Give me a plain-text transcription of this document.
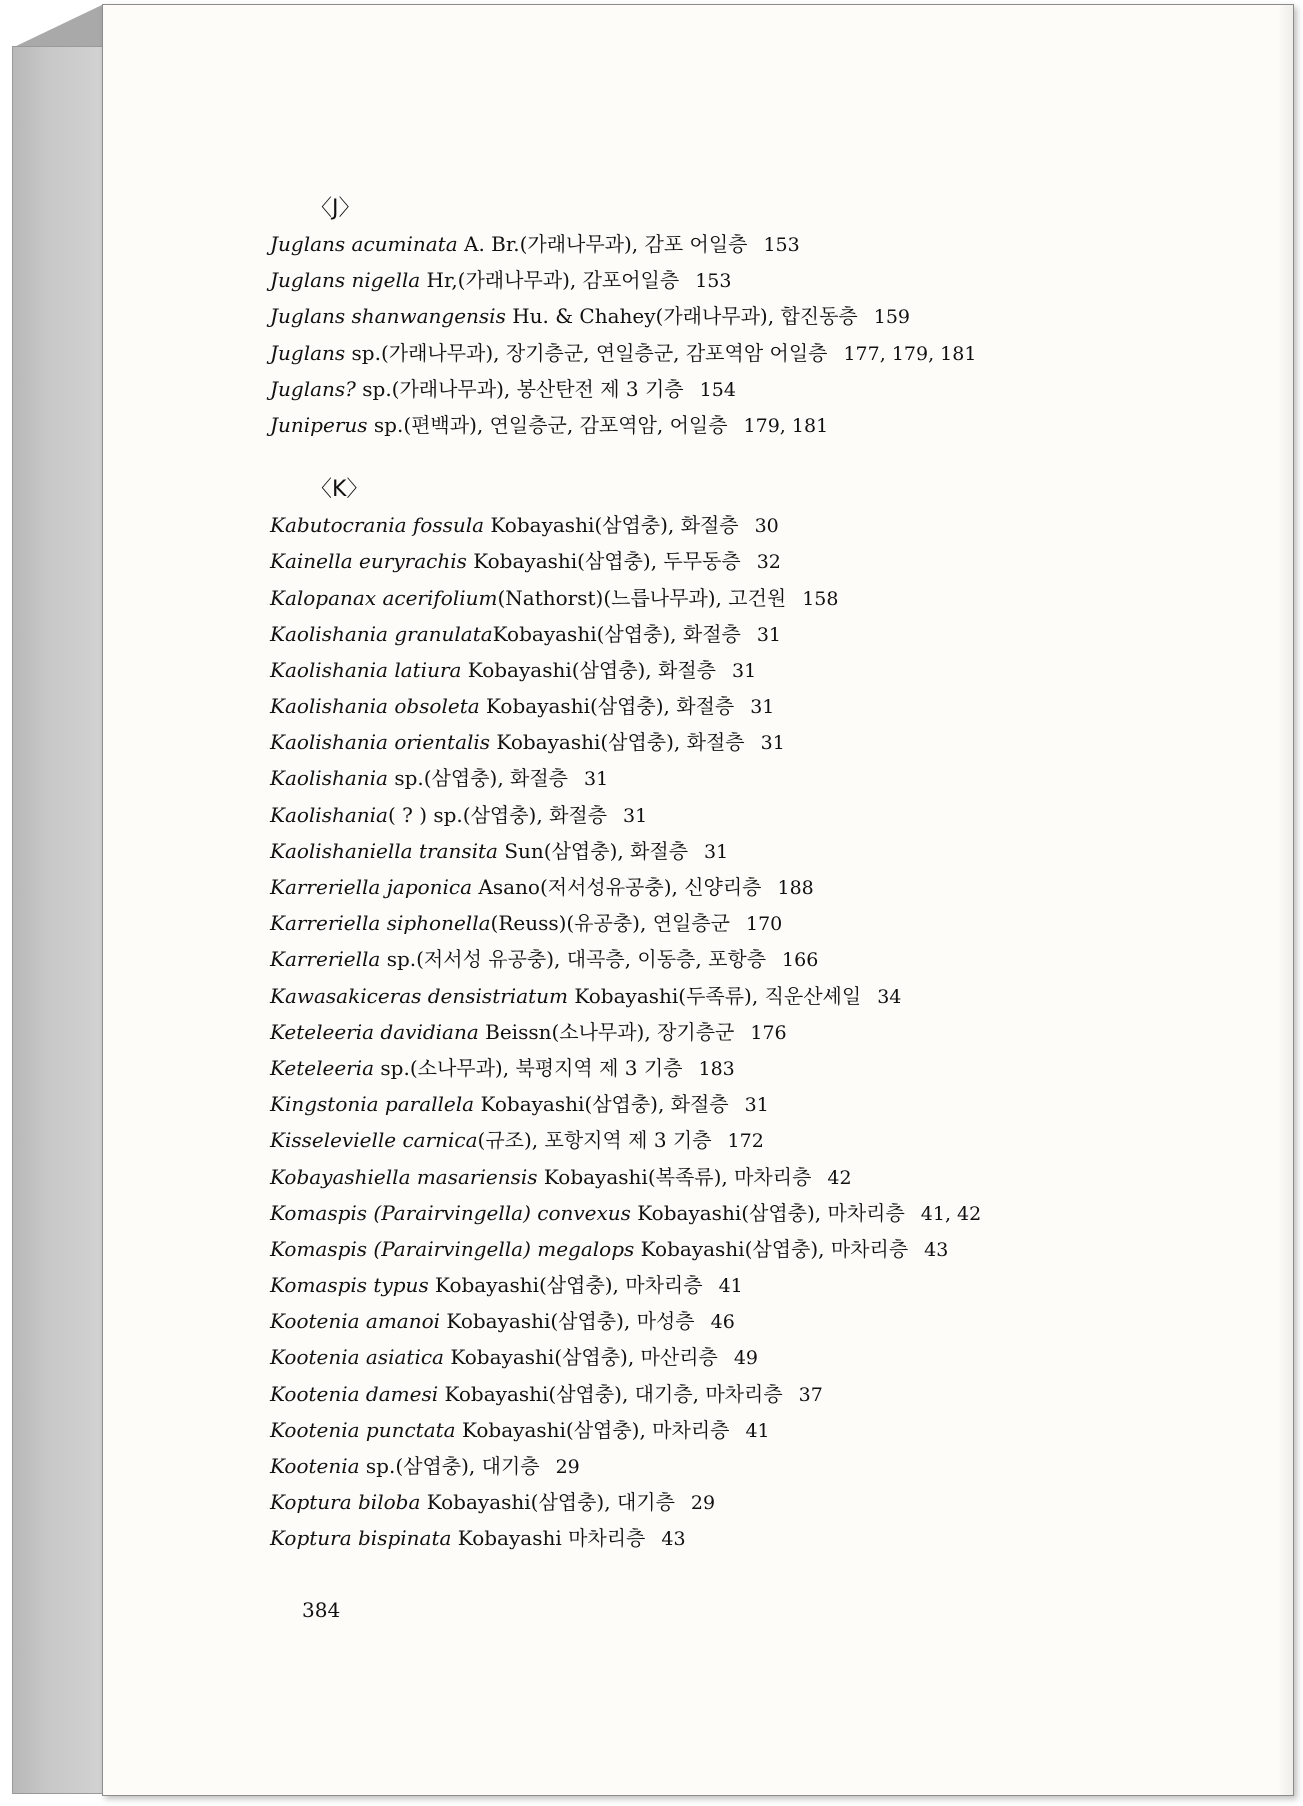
〈J〉
Juglans acuminata A. Br.(가래나무과), 감포 어일층 153
Juglans nigella Hr,(가래나무과), 감포어일층 153
Juglans shanwangensis Hu. & Chahey(가래나무과), 합진동층 159
Juglans sp.(가래나무과), 장기층군, 연일층군, 감포역암 어일층 177, 179, 181
Juglans? sp.(가래나무과), 봉산탄전 제 3 기층 154
Juniperus sp.(편백과), 연일층군, 감포역암, 어일층 179, 181
〈K〉
Kabutocrania fossula Kobayashi(삼엽충), 화절층 30
Kainella euryrachis Kobayashi(삼엽충), 두무동층 32
Kalopanax acerifolium(Nathorst)(느릅나무과), 고건원 158
Kaolishania granulataKobayashi(삼엽충), 화절층 31
Kaolishania latiura Kobayashi(삼엽충), 화절층 31
Kaolishania obsoleta Kobayashi(삼엽충), 화절층 31
Kaolishania orientalis Kobayashi(삼엽충), 화절층 31
Kaolishania sp.(삼엽충), 화절층 31
Kaolishania( ? ) sp.(삼엽충), 화절층 31
Kaolishaniella transita Sun(삼엽충), 화절층 31
Karreriella japonica Asano(저서성유공충), 신양리층 188
Karreriella siphonella(Reuss)(유공충), 연일층군 170
Karreriella sp.(저서성 유공충), 대곡층, 이동층, 포항층 166
Kawasakiceras densistriatum Kobayashi(두족류), 직운산셰일 34
Keteleeria davidiana Beissn(소나무과), 장기층군 176
Keteleeria sp.(소나무과), 북평지역 제 3 기층 183
Kingstonia parallela Kobayashi(삼엽충), 화절층 31
Kisselevielle carnica(규조), 포항지역 제 3 기층 172
Kobayashiella masariensis Kobayashi(복족류), 마차리층 42
Komaspis (Parairvingella) convexus Kobayashi(삼엽충), 마차리층 41, 42
Komaspis (Parairvingella) megalops Kobayashi(삼엽충), 마차리층 43
Komaspis typus Kobayashi(삼엽충), 마차리층 41
Kootenia amanoi Kobayashi(삼엽충), 마성층 46
Kootenia asiatica Kobayashi(삼엽충), 마산리층 49
Kootenia damesi Kobayashi(삼엽충), 대기층, 마차리층 37
Kootenia punctata Kobayashi(삼엽충), 마차리층 41
Kootenia sp.(삼엽충), 대기층 29
Koptura biloba Kobayashi(삼엽충), 대기층 29
Koptura bispinata Kobayashi 마차리층 43
384
